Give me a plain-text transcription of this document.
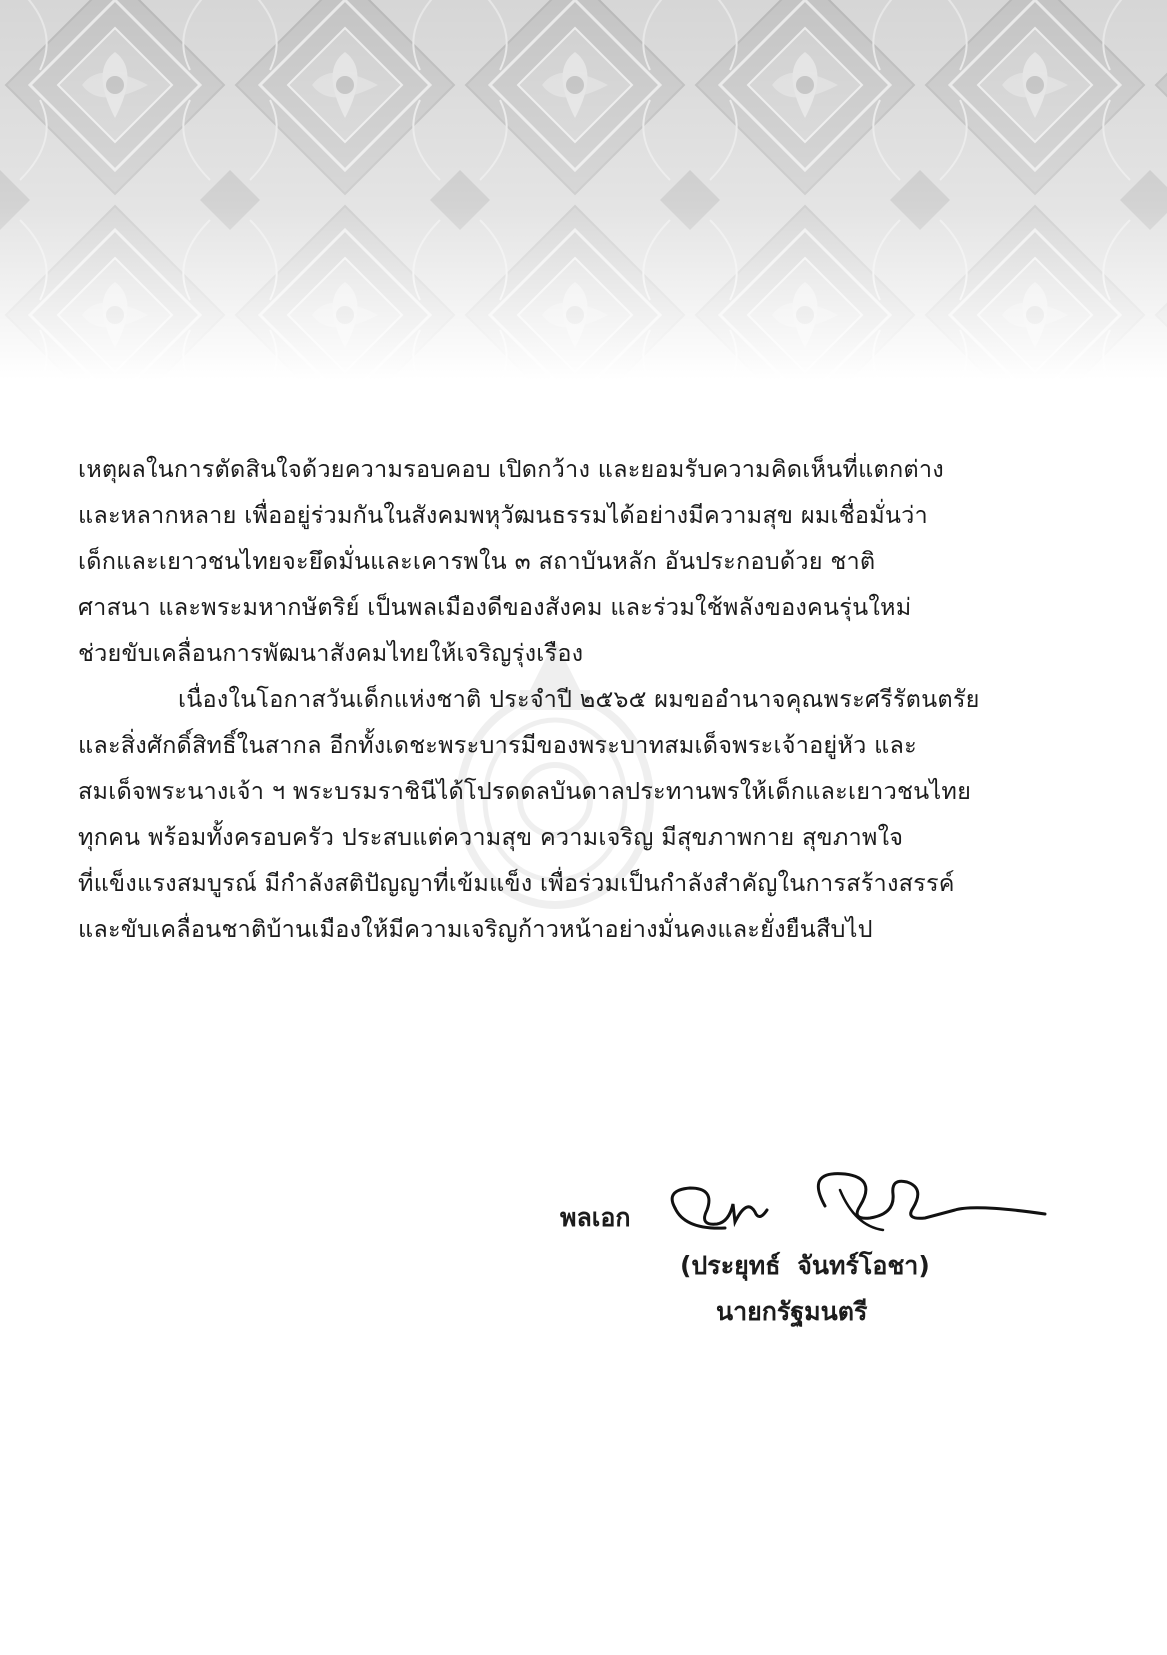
เหตุผลในการตัดสินใจด้วยความรอบคอบ เปิดกว้าง และยอมรับความคิดเห็นที่แตกต่าง

และหลากหลาย เพื่ออยู่ร่วมกันในสังคมพหุวัฒนธรรมได้อย่างมีความสุข ผมเชื่อมั่นว่า

เด็กและเยาวชนไทยจะยึดมั่นและเคารพใน ๓ สถาบันหลัก อันประกอบด้วย ชาติ

ศาสนา และพระมหากษัตริย์ เป็นพลเมืองดีของสังคม และร่วมใช้พลังของคนรุ่นใหม่

ช่วยขับเคลื่อนการพัฒนาสังคมไทยให้เจริญรุ่งเรือง

เนื่องในโอกาสวันเด็กแห่งชาติ ประจำปี ๒๕๖๕ ผมขออำนาจคุณพระศรีรัตนตรัย

และสิ่งศักดิ์สิทธิ์ในสากล อีกทั้งเดชะพระบารมีของพระบาทสมเด็จพระเจ้าอยู่หัว และ

สมเด็จพระนางเจ้า ฯ พระบรมราชินีได้โปรดดลบันดาลประทานพรให้เด็กและเยาวชนไทย

ทุกคน พร้อมทั้งครอบครัว ประสบแต่ความสุข ความเจริญ มีสุขภาพกาย สุขภาพใจ

ที่แข็งแรงสมบูรณ์ มีกำลังสติปัญญาที่เข้มแข็ง เพื่อร่วมเป็นกำลังสำคัญในการสร้างสรรค์

และขับเคลื่อนชาติบ้านเมืองให้มีความเจริญก้าวหน้าอย่างมั่นคงและยั่งยืนสืบไป

พลเอก
(ประยุทธ์ จันทร์โอชา)
นายกรัฐมนตรี
